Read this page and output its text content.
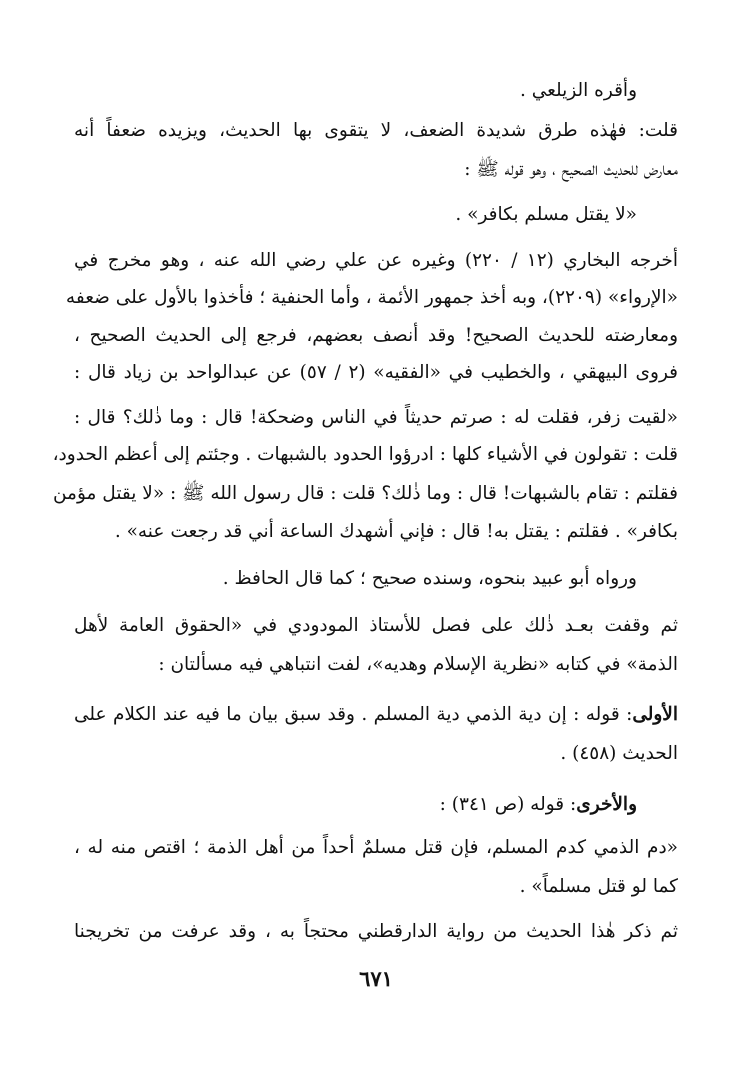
وأقره الزيلعي .
قلت: فهٰذه طرق شديدة الضعف، لا يتقوى بها الحديث، ويزيده ضعفاً أنه
معارض للحديث الصحيح ، وهو قوله ﷺ :
«لا يقتل مسلم بكافر» .
أخرجه البخاري (١٢ / ٢٢٠) وغيره عن علي رضي الله عنه ، وهو مخرج في
«الإرواء» (٢٢٠٩)، وبه أخذ جمهور الأئمة ، وأما الحنفية ؛ فأخذوا بالأول على ضعفه
ومعارضته للحديث الصحيح! وقد أنصف بعضهم، فرجع إلى الحديث الصحيح ،
فروى البيهقي ، والخطيب في «الفقيه» (٢ / ٥٧) عن عبدالواحد بن زياد قال :
«لقيت زفر، فقلت له : صرتم حديثاً في الناس وضحكة! قال : وما ذٰلك؟ قال :
قلت : تقولون في الأشياء كلها : ادرؤوا الحدود بالشبهات . وجئتم إلى أعظم الحدود،
فقلتم : تقام بالشبهات! قال : وما ذٰلك؟ قلت : قال رسول الله ﷺ : «لا يقتل مؤمن
بكافر» . فقلتم : يقتل به! قال : فإني أشهدك الساعة أني قد رجعت عنه» .
ورواه أبو عبيد بنحوه، وسنده صحيح ؛ كما قال الحافظ .
ثم وقفت بعـد ذٰلك على فصل للأستاذ المودودي في «الحقوق العامة لأهل
الذمة» في كتابه «نظرية الإسلام وهديه»، لفت انتباهي فيه مسألتان :
الأولى: قوله : إن دية الذمي دية المسلم . وقد سبق بيان ما فيه عند الكلام على
الحديث (٤٥٨) .
والأخرى: قوله (ص ٣٤١) :
«دم الذمي كدم المسلم، فإن قتل مسلمٌ أحداً من أهل الذمة ؛ اقتص منه له ،
كما لو قتل مسلماً» .
ثم ذكر هٰذا الحديث من رواية الدارقطني محتجاً به ، وقد عرفت من تخريجنا
٦٧١
